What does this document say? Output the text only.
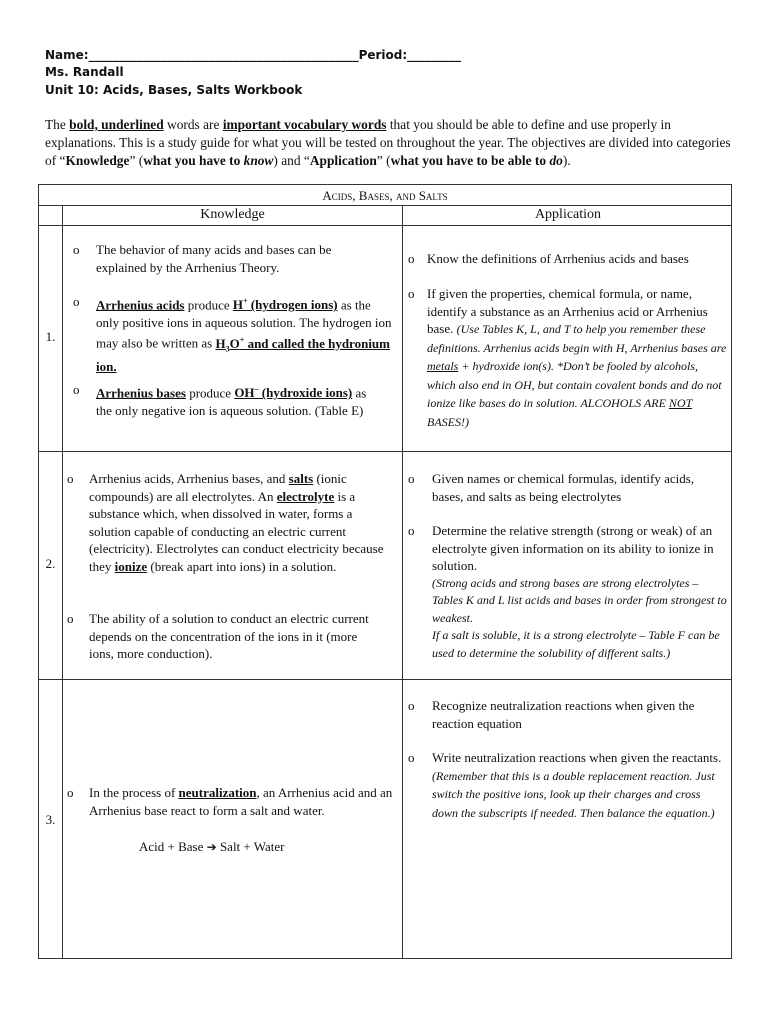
Name:_____________________________________________Period:_________
Ms. Randall
Unit 10: Acids, Bases, Salts Workbook
The bold, underlined words are important vocabulary words that you should be able to define and use properly in explanations. This is a study guide for what you will be tested on throughout the year. The objectives are divided into categories of “Knowledge” (what you have to know) and “Application” (what you have to be able to do).
Acids, Bases, and Salts
Knowledge	Application
1.
o The behavior of many acids and bases can be explained by the Arrhenius Theory.
o Arrhenius acids produce H+ (hydrogen ions) as the only positive ions in aqueous solution. The hydrogen ion may also be written as $H_3O^+$ and called the hydronium ion.
o Arrhenius bases produce OH– (hydroxide ions) as the only negative ion is aqueous solution. (Table E)
o Know the definitions of Arrhenius acids and bases
o If given the properties, chemical formula, or name, identify a substance as an Arrhenius acid or Arrhenius base. (Use Tables K, L, and T to help you remember these definitions. Arrhenius acids begin with H, Arrhenius bases are metals + hydroxide ion(s). *Don’t be fooled by alcohols, which also end in OH, but contain covalent bonds and do not ionize like bases do in solution. ALCOHOLS ARE NOT BASES!)
2.
o Arrhenius acids, Arrhenius bases, and salts (ionic compounds) are all electrolytes. An electrolyte is a substance which, when dissolved in water, forms a solution capable of conducting an electric current (electricity). Electrolytes can conduct electricity because they ionize (break apart into ions) in a solution.
o The ability of a solution to conduct an electric current depends on the concentration of the ions in it (more ions, more conduction).
o Given names or chemical formulas, identify acids, bases, and salts as being electrolytes
o Determine the relative strength (strong or weak) of an electrolyte given information on its ability to ionize in solution.
(Strong acids and strong bases are strong electrolytes – Tables K and L list acids and bases in order from strongest to weakest.
If a salt is soluble, it is a strong electrolyte – Table F can be used to determine the solubility of different salts.)
3.
o In the process of neutralization, an Arrhenius acid and an Arrhenius base react to form a salt and water.
Acid + Base ➔ Salt + Water
o Recognize neutralization reactions when given the reaction equation
o Write neutralization reactions when given the reactants. (Remember that this is a double replacement reaction. Just switch the positive ions, look up their charges and cross down the subscripts if needed. Then balance the equation.)
